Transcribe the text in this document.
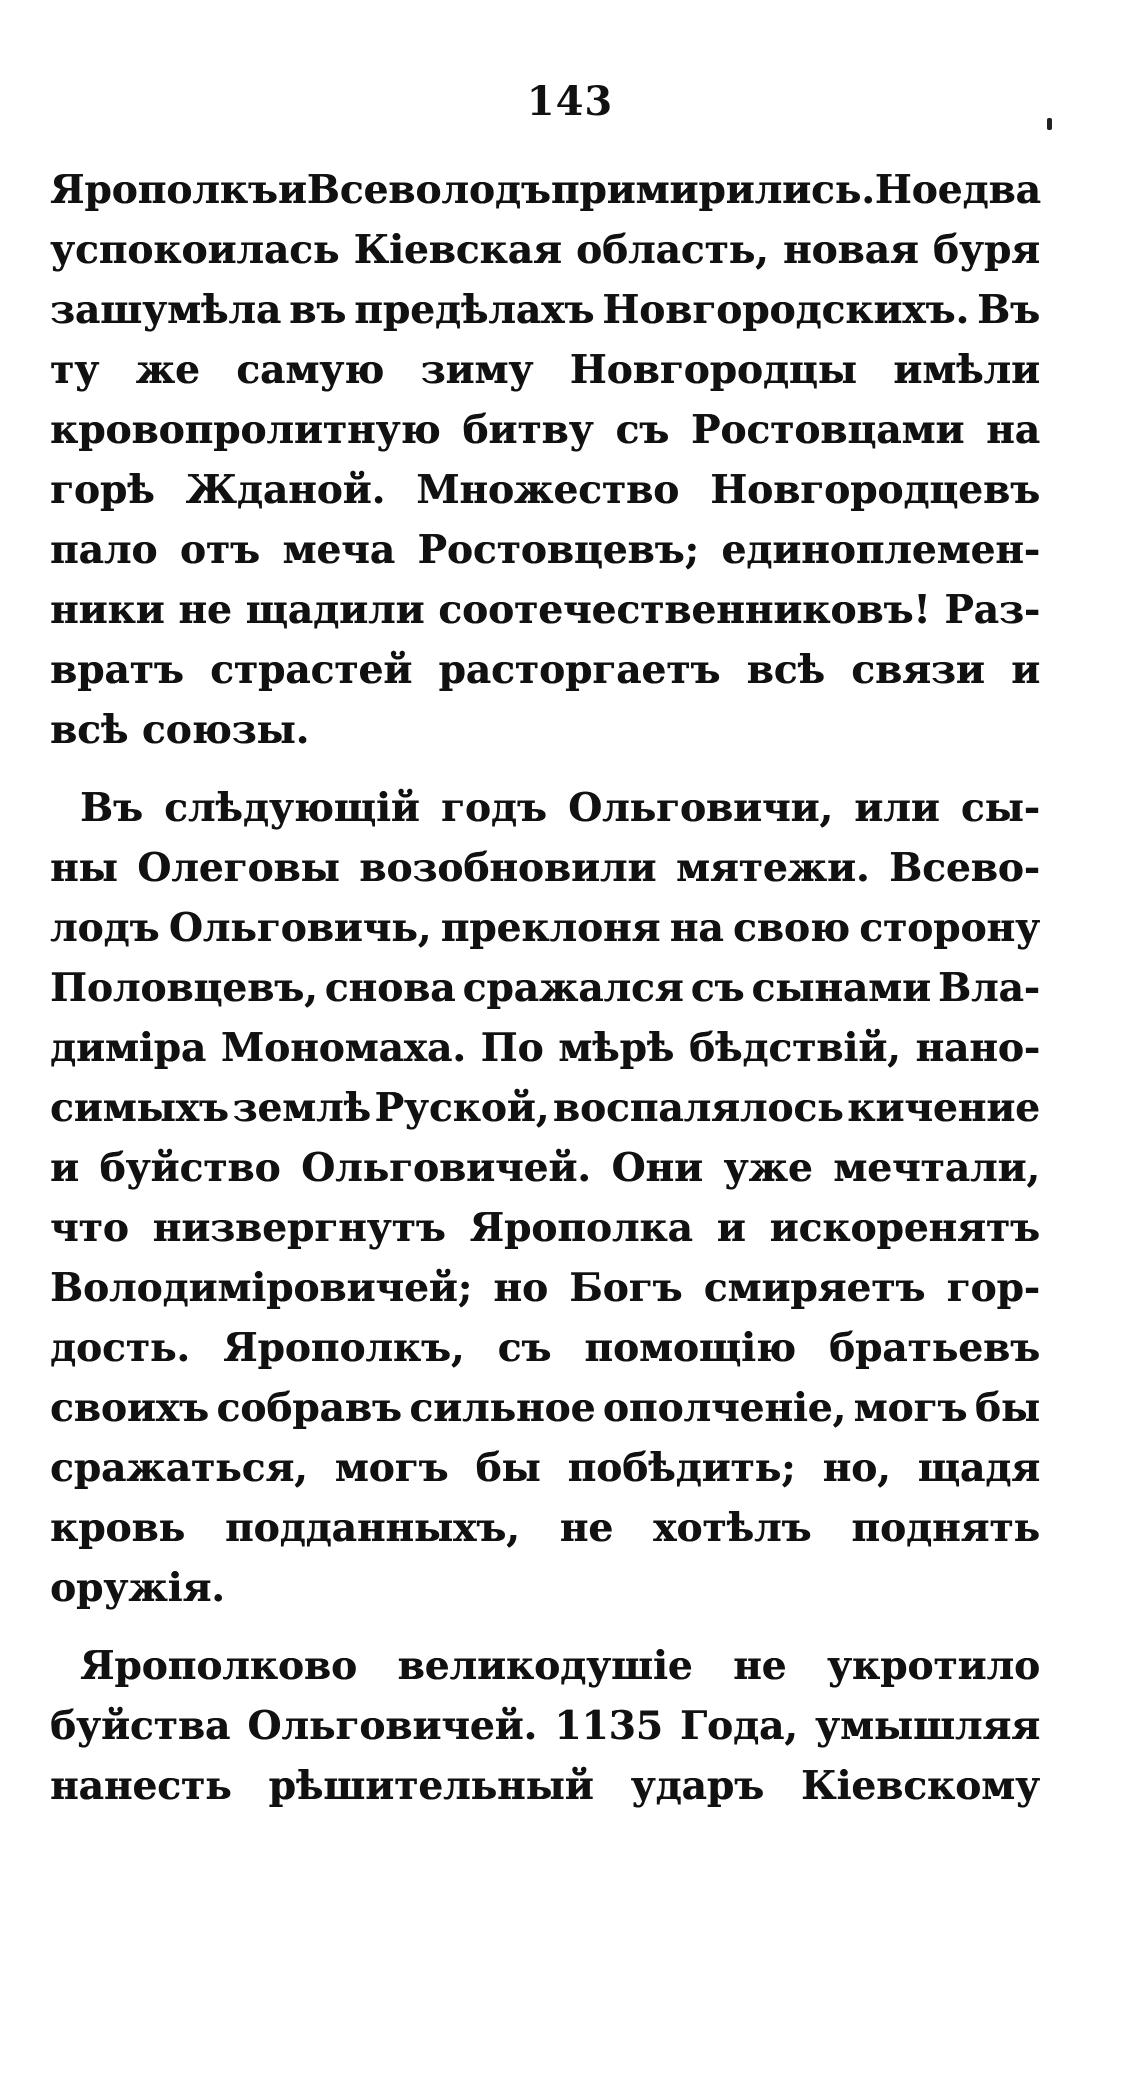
143
Ярополкъ и Всеволодъ примирились. Но едва
успокоилась Кіевская область, новая буря
зашумѣла въ предѣлахъ Новгородскихъ. Въ
ту же самую зиму Новгородцы имѣли
кровопролитную битву съ Ростовцами на
горѣ Жданой. Множество Новгородцевъ
пало отъ меча Ростовцевъ; единоплемен-
ники не щадили соотечественниковъ! Раз-
вратъ страстей расторгаетъ всѣ связи и
всѣ союзы.
Въ слѣдующій годъ Ольговичи, или сы-
ны Олеговы возобновили мятежи. Всево-
лодъ Ольговичь, преклоня на свою сторону
Половцевъ, снова сражался съ сынами Вла-
диміра Мономаха. По мѣрѣ бѣдствій, нано-
симыхъ землѣ Руской, воспалялось кичение
и буйство Ольговичей. Они уже мечтали,
что низвергнутъ Ярополка и искоренятъ
Володиміровичей; но Богъ смиряетъ гор-
дость. Ярополкъ, съ помощію братьевъ
своихъ собравъ сильное ополченіе, могъ бы
сражаться, могъ бы побѣдить; но, щадя
кровь подданныхъ, не хотѣлъ поднять
оружія.
Ярополково великодушіе не укротило
буйства Ольговичей. 1135 Года, умышляя
нанесть рѣшительный ударъ Кіевскому
